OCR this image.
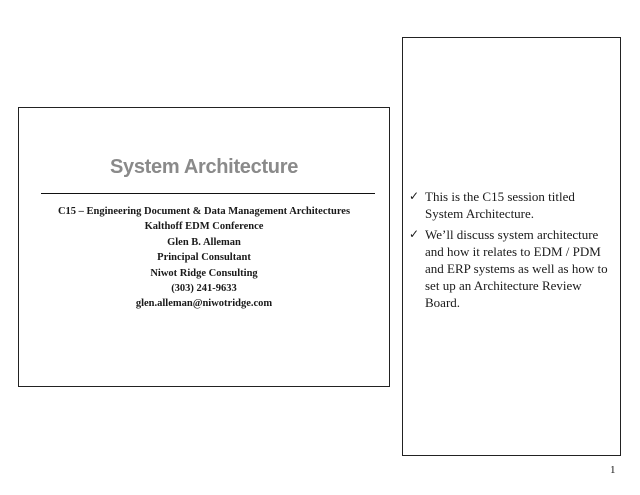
System Architecture
C15 – Engineering Document & Data Management Architectures
Kalthoff EDM Conference
Glen B. Alleman
Principal Consultant
Niwot Ridge Consulting
(303) 241-9633
glen.alleman@niwotridge.com
✓ This is the C15 session titled System Architecture.
✓ We’ll discuss system architecture and how it relates to EDM / PDM and ERP systems as well as how to set up an Architecture Review Board.
1
